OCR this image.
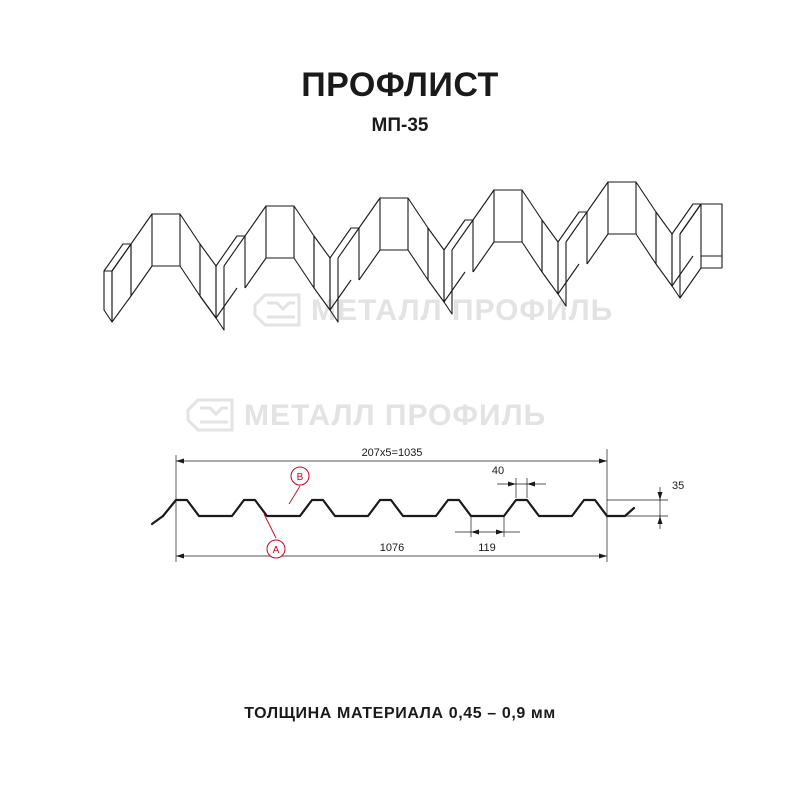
ПРОФЛИСТ
МП-35
МЕТАЛЛ ПРОФИЛЬ
МЕТАЛЛ ПРОФИЛЬ
207х5=1035
1076	119
40
35
A
B
ТОЛЩИНА МАТЕРИАЛА 0,45 – 0,9 мм
